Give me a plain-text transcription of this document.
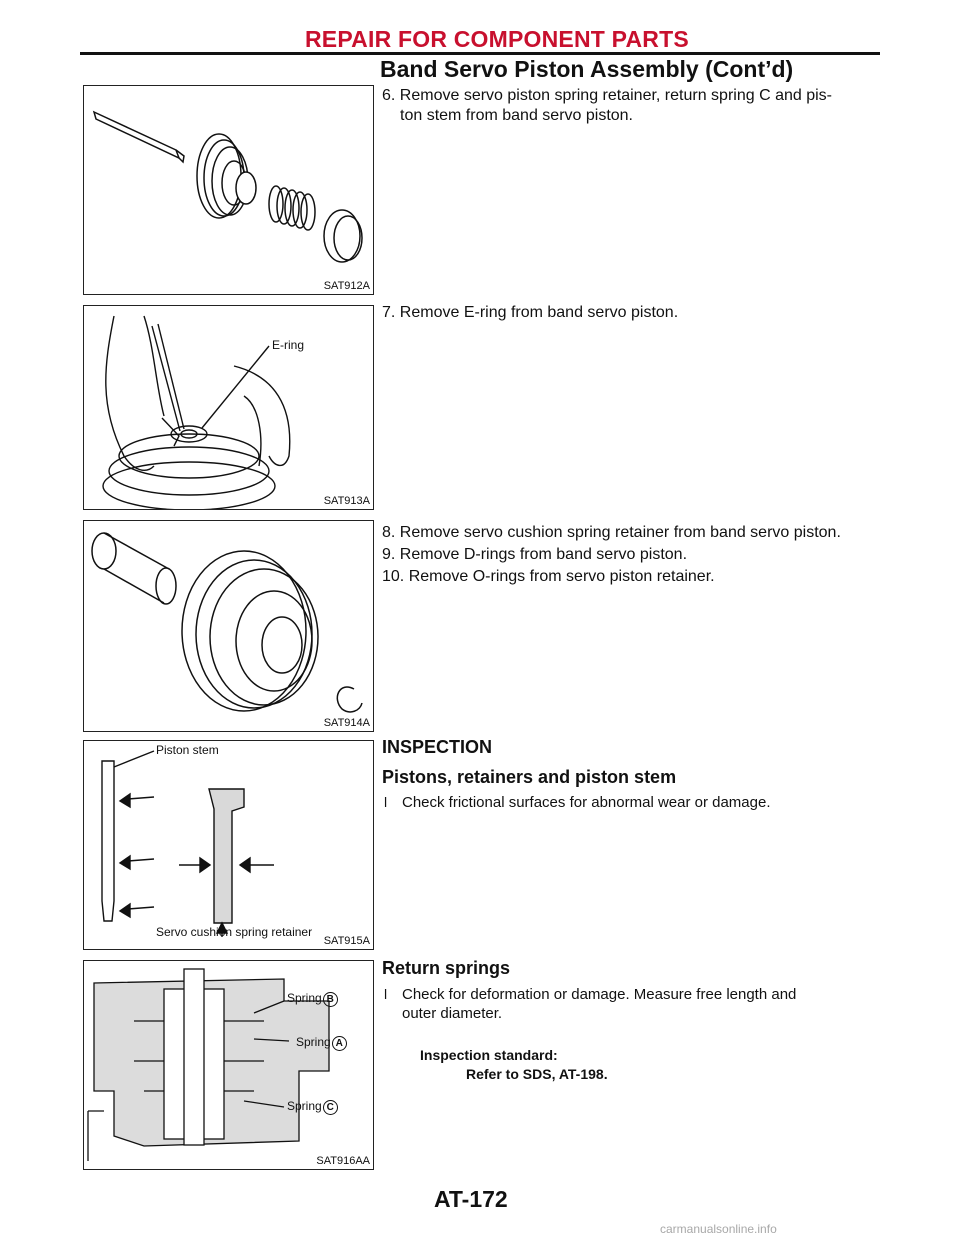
REPAIR FOR COMPONENT PARTS
Band Servo Piston Assembly (Cont’d)
SAT912A
E-ring
SAT913A
SAT914A
Piston stem
Servo cushion spring retainer
SAT915A
Spring B
Spring A
Spring C
SAT916AA
6. Remove servo piston spring retainer, return spring C and pis-
ton stem from band servo piston.
7. Remove E-ring from band servo piston.
8. Remove servo cushion spring retainer from band servo piston.
9. Remove D-rings from band servo piston.
10. Remove O-rings from servo piston retainer.
INSPECTION
Pistons, retainers and piston stem
l Check frictional surfaces for abnormal wear or damage.
Return springs
l Check for deformation or damage. Measure free length and
outer diameter.
Inspection standard:
Refer to SDS, AT-198.
AT-172
carmanualsonline.info
